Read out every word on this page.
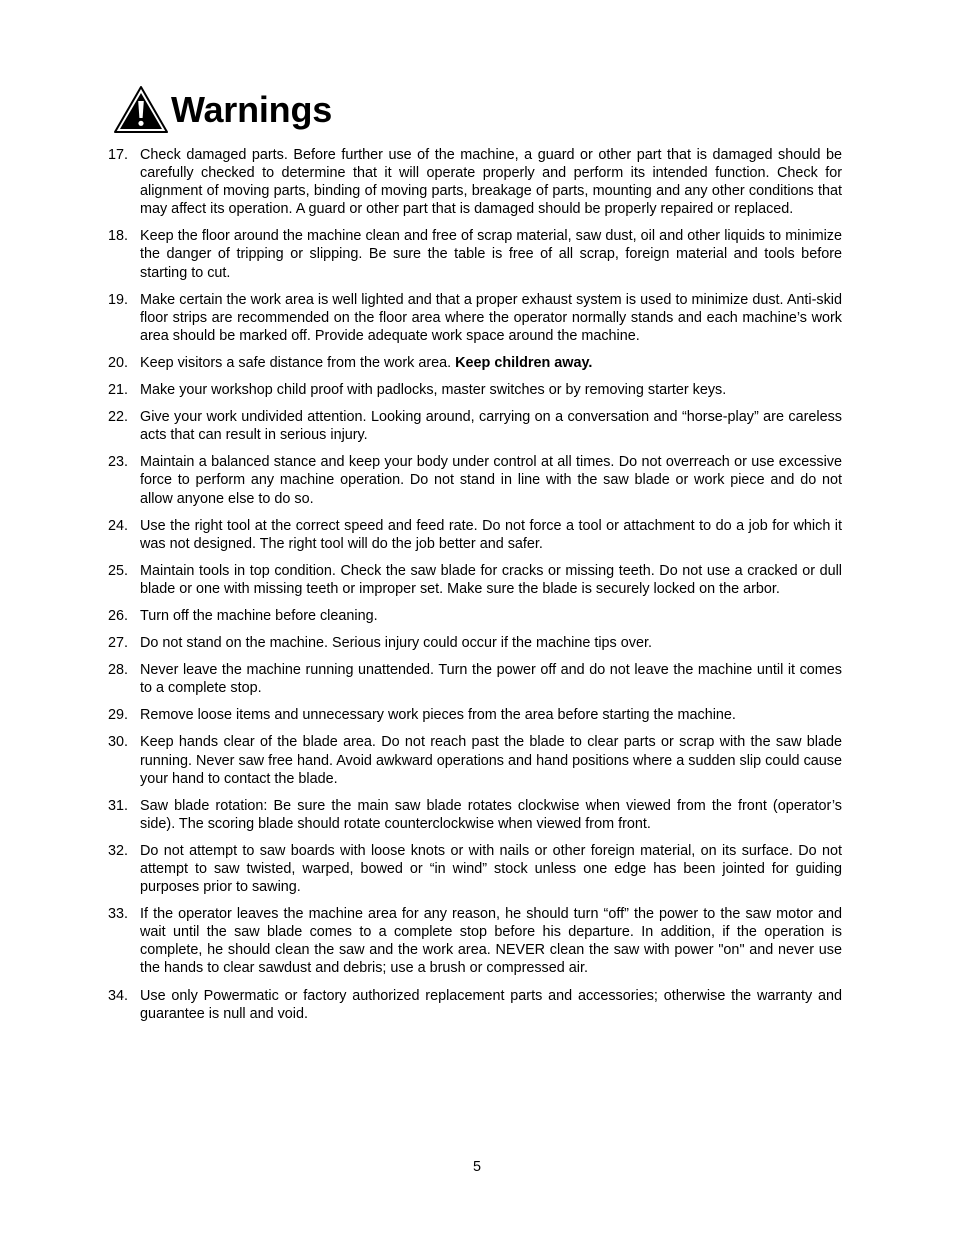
Warnings
17. Check damaged parts. Before further use of the machine, a guard or other part that is damaged should be carefully checked to determine that it will operate properly and perform its intended function. Check for alignment of moving parts, binding of moving parts, breakage of parts, mounting and any other conditions that may affect its operation. A guard or other part that is damaged should be properly repaired or replaced.
18. Keep the floor around the machine clean and free of scrap material, saw dust, oil and other liquids to minimize the danger of tripping or slipping. Be sure the table is free of all scrap, foreign material and tools before starting to cut.
19. Make certain the work area is well lighted and that a proper exhaust system is used to minimize dust. Anti-skid floor strips are recommended on the floor area where the operator normally stands and each machine’s work area should be marked off. Provide adequate work space around the machine.
20. Keep visitors a safe distance from the work area. Keep children away.
21. Make your workshop child proof with padlocks, master switches or by removing starter keys.
22. Give your work undivided attention. Looking around, carrying on a conversation and “horse-play” are careless acts that can result in serious injury.
23. Maintain a balanced stance and keep your body under control at all times. Do not overreach or use excessive force to perform any machine operation. Do not stand in line with the saw blade or work piece and do not allow anyone else to do so.
24. Use the right tool at the correct speed and feed rate. Do not force a tool or attachment to do a job for which it was not designed. The right tool will do the job better and safer.
25. Maintain tools in top condition. Check the saw blade for cracks or missing teeth. Do not use a cracked or dull blade or one with missing teeth or improper set. Make sure the blade is securely locked on the arbor.
26. Turn off the machine before cleaning.
27. Do not stand on the machine. Serious injury could occur if the machine tips over.
28. Never leave the machine running unattended. Turn the power off and do not leave the machine until it comes to a complete stop.
29. Remove loose items and unnecessary work pieces from the area before starting the machine.
30. Keep hands clear of the blade area. Do not reach past the blade to clear parts or scrap with the saw blade running. Never saw free hand. Avoid awkward operations and hand positions where a sudden slip could cause your hand to contact the blade.
31. Saw blade rotation: Be sure the main saw blade rotates clockwise when viewed from the front (operator’s side). The scoring blade should rotate counterclockwise when viewed from front.
32. Do not attempt to saw boards with loose knots or with nails or other foreign material, on its surface. Do not attempt to saw twisted, warped, bowed or “in wind” stock unless one edge has been jointed for guiding purposes prior to sawing.
33. If the operator leaves the machine area for any reason, he should turn “off” the power to the saw motor and wait until the saw blade comes to a complete stop before his departure. In addition, if the operation is complete, he should clean the saw and the work area. NEVER clean the saw with power "on" and never use the hands to clear sawdust and debris; use a brush or compressed air.
34. Use only Powermatic or factory authorized replacement parts and accessories; otherwise the warranty and guarantee is null and void.
5
